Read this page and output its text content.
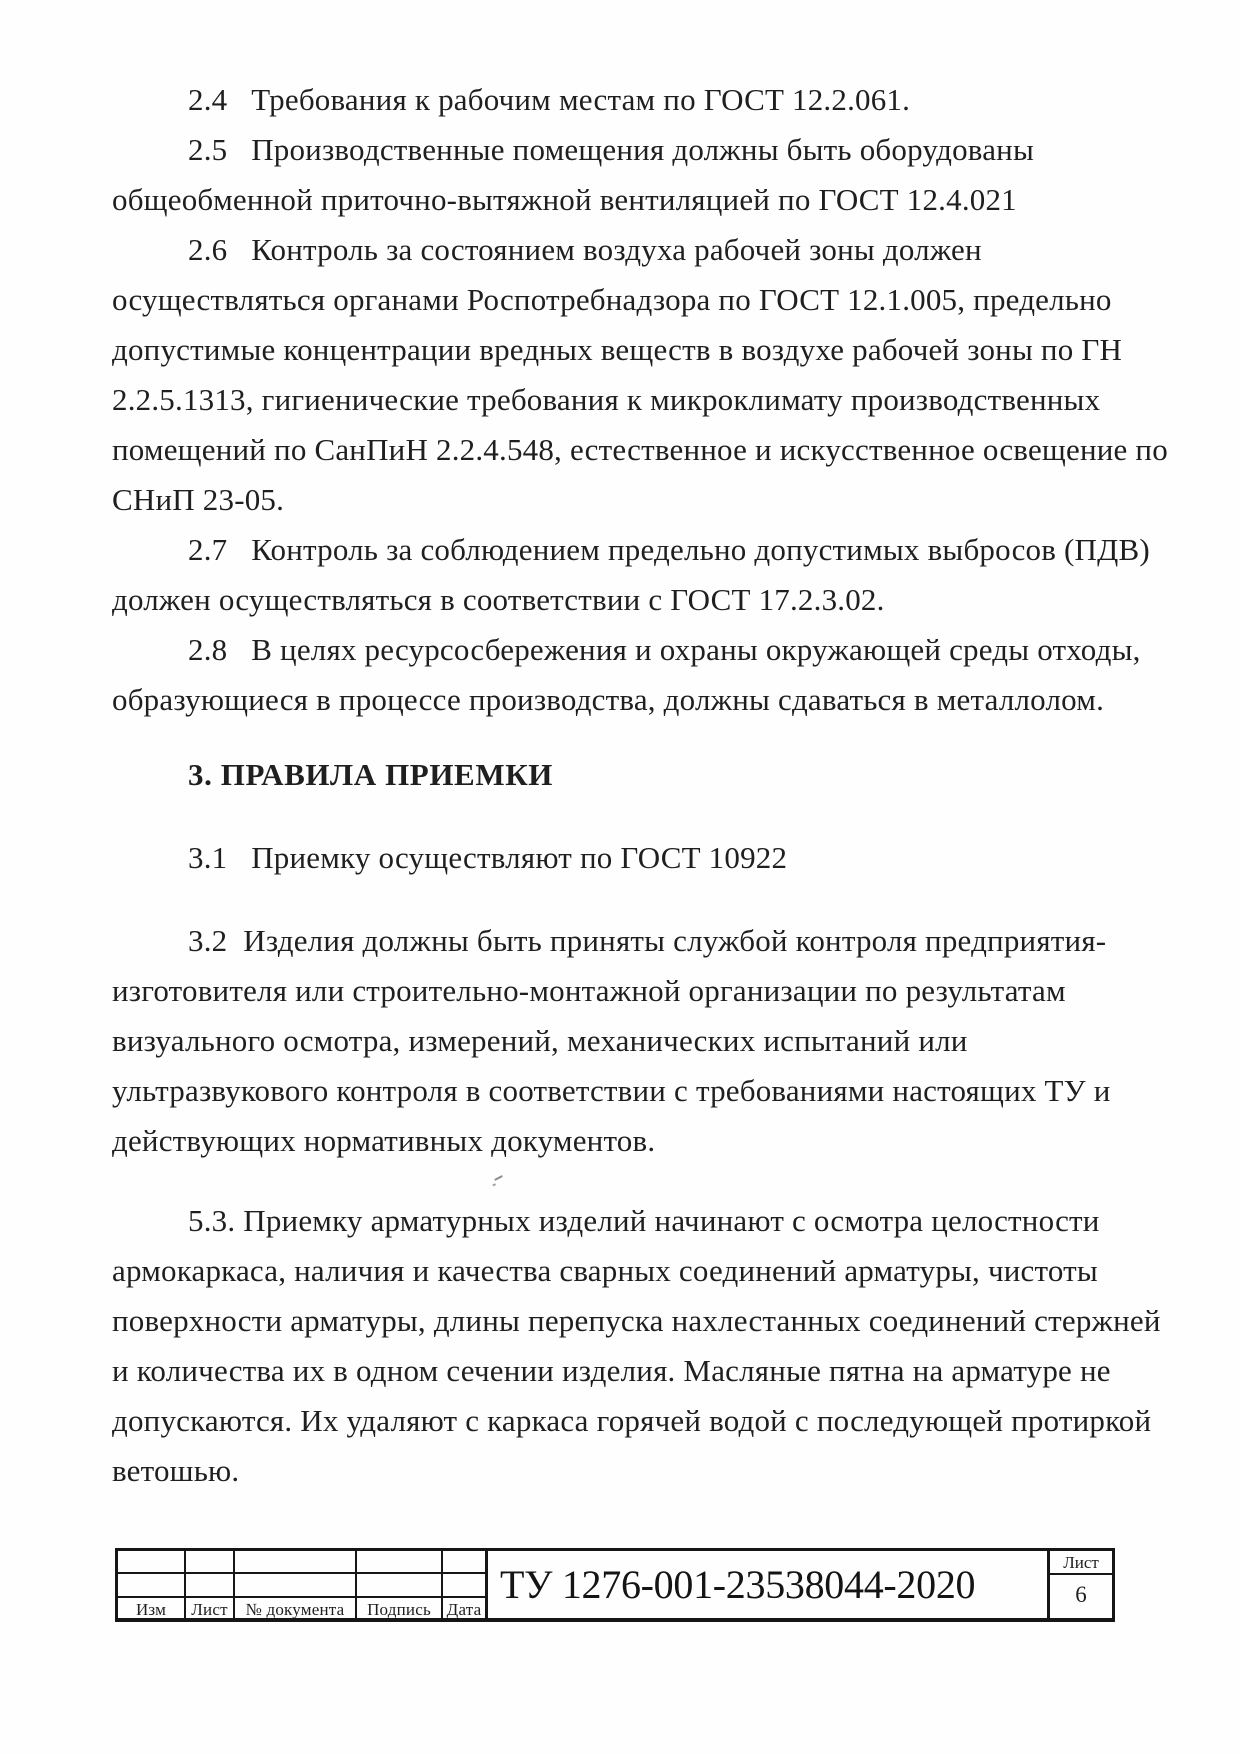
2.4   Требования к рабочим местам по ГОСТ 12.2.061.
2.5   Производственные помещения должны быть оборудованы
общеобменной приточно-вытяжной вентиляцией по ГОСТ 12.4.021
2.6   Контроль за состоянием воздуха рабочей зоны должен
осуществляться органами Роспотребнадзора по ГОСТ 12.1.005, предельно
допустимые концентрации вредных веществ в воздухе рабочей зоны по ГН
2.2.5.1313, гигиенические требования к микроклимату производственных
помещений по СанПиН 2.2.4.548, естественное и искусственное освещение по
СНиП 23-05.
2.7   Контроль за соблюдением предельно допустимых выбросов (ПДВ)
должен осуществляться в соответствии с ГОСТ 17.2.3.02.
2.8   В целях ресурсосбережения и охраны окружающей среды отходы,
образующиеся в процессе производства, должны сдаваться в металлолом.
3. ПРАВИЛА ПРИЕМКИ
3.1   Приемку осуществляют по ГОСТ 10922
3.2  Изделия должны быть приняты службой контроля предприятия-
изготовителя или строительно-монтажной организации по результатам
визуального осмотра, измерений, механических испытаний или
ультразвукового контроля в соответствии с требованиями настоящих ТУ и
действующих нормативных документов.
5.3. Приемку арматурных изделий начинают с осмотра целостности
армокаркаса, наличия и качества сварных соединений арматуры, чистоты
поверхности арматуры, длины перепуска нахлестанных соединений стержней
и количества их в одном сечении изделия. Масляные пятна на арматуре не
допускаются. Их удаляют с каркаса горячей водой с последующей протиркой
ветошью.
Изм	Лист	№ документа	Подпись Дата
ТУ 1276-001-23538044-2020	Лист
6
